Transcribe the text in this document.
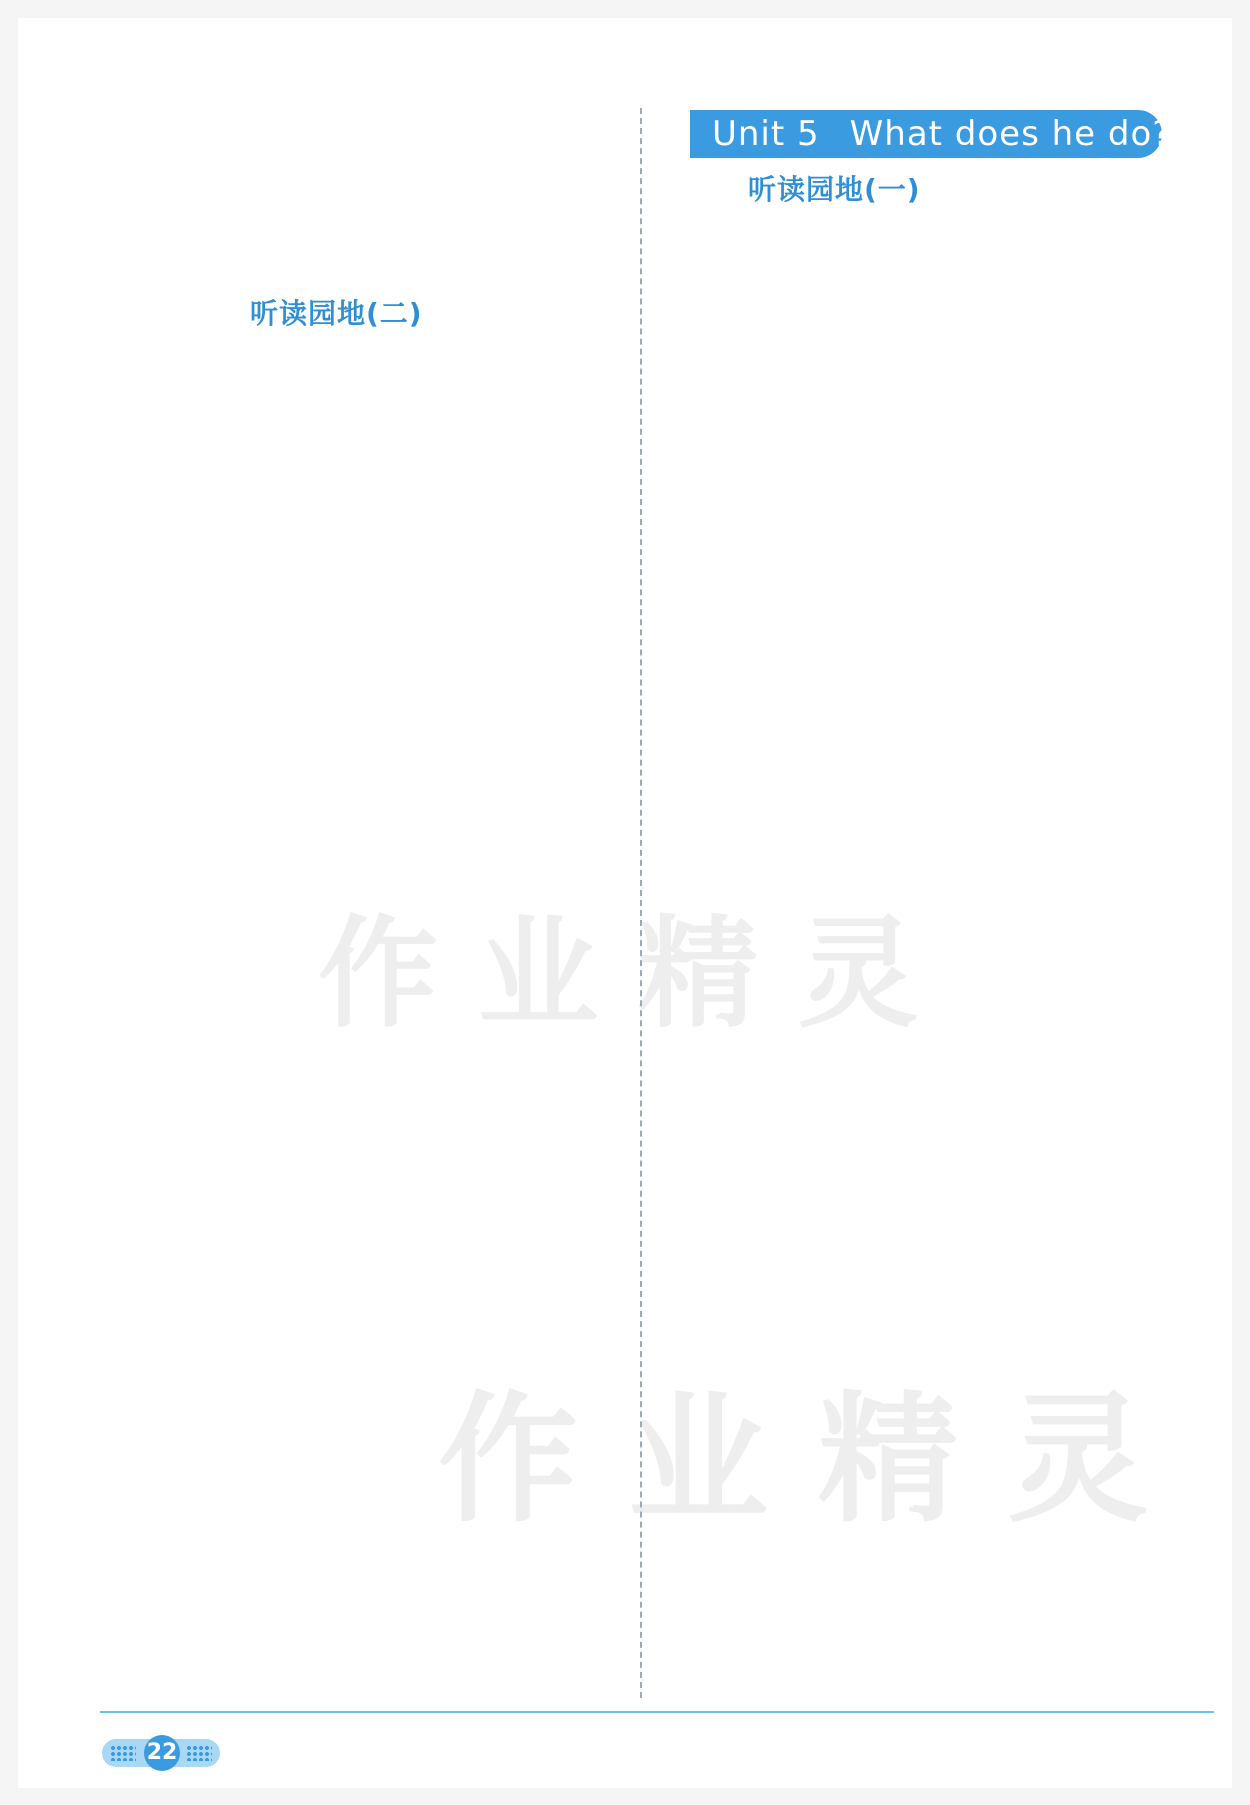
作业精灵
作业精灵
听读园地(二)
Unit 5 What does he do?
听读园地(一)
22
